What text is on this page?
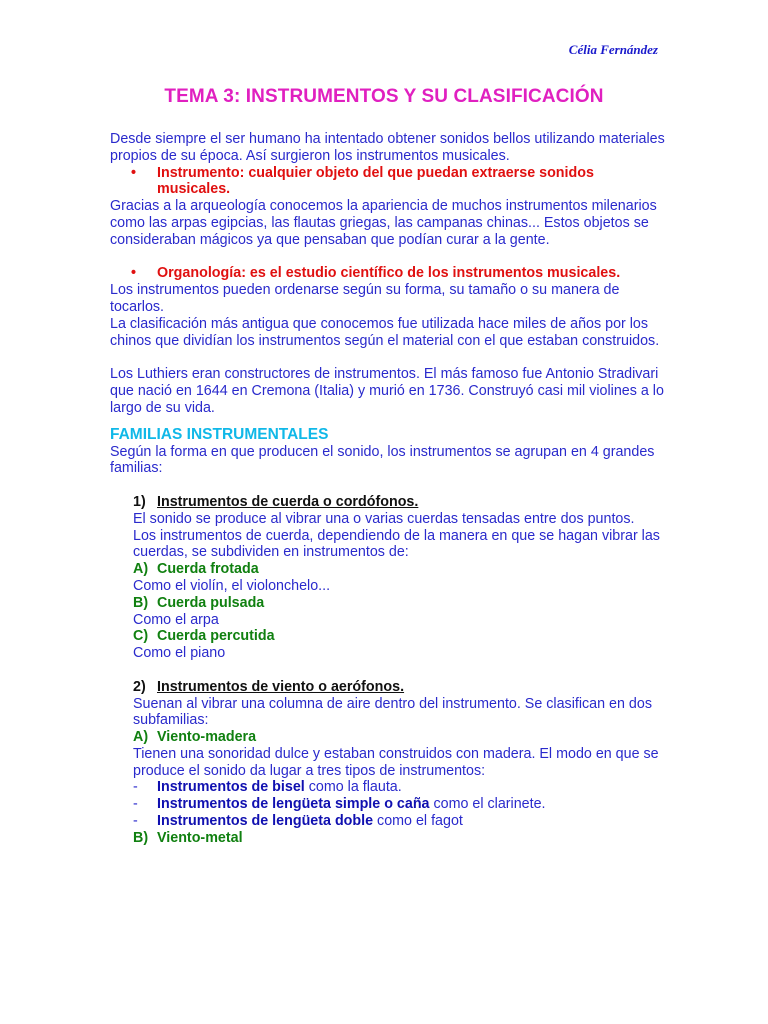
Célia Fernández
TEMA 3: INSTRUMENTOS Y SU CLASIFICACIÓN

Desde siempre el ser humano ha intentado obtener sonidos bellos utilizando materiales propios de su época. Así surgieron los instrumentos musicales.

•	Instrumento: cualquier objeto del que puedan extraerse sonidos musicales.

Gracias a la arqueología conocemos la apariencia de muchos instrumentos milenarios como las arpas egipcias, las flautas griegas, las campanas chinas... Estos objetos se consideraban mágicos ya que pensaban que podían curar a la gente.

•	Organología: es el estudio científico de los instrumentos musicales.

Los instrumentos pueden ordenarse según su forma, su tamaño o su manera de tocarlos.

La clasificación más antigua que conocemos fue utilizada hace miles de años por los chinos que dividían los instrumentos según el material con el que estaban construidos.

Los Luthiers eran constructores de instrumentos. El más famoso fue Antonio Stradivari que nació en 1644 en Cremona (Italia) y murió en 1736. Construyó casi mil violines a lo largo de su vida.

FAMILIAS INSTRUMENTALES

Según la forma en que producen el sonido, los instrumentos se agrupan en 4 grandes familias:

1) Instrumentos de cuerda o cordófonos.

El sonido se produce al vibrar una o varias cuerdas tensadas entre dos puntos.

Los instrumentos de cuerda, dependiendo de la manera en que se hagan vibrar las cuerdas, se subdividen en instrumentos de:

A) Cuerda frotada

Como el violín, el violonchelo...

B) Cuerda pulsada

Como el arpa

C) Cuerda percutida

Como el piano

2) Instrumentos de viento o aerófonos.

Suenan al vibrar una columna de aire dentro del instrumento. Se clasifican en dos subfamilias:

A) Viento-madera

Tienen una sonoridad dulce y estaban construidos con madera. El modo en que se produce el sonido da lugar a tres tipos de instrumentos:

-	Instrumentos de bisel como la flauta.
-	Instrumentos de lengüeta simple o caña como el clarinete.
-	Instrumentos de lengüeta doble como el fagot
B) Viento-metal
